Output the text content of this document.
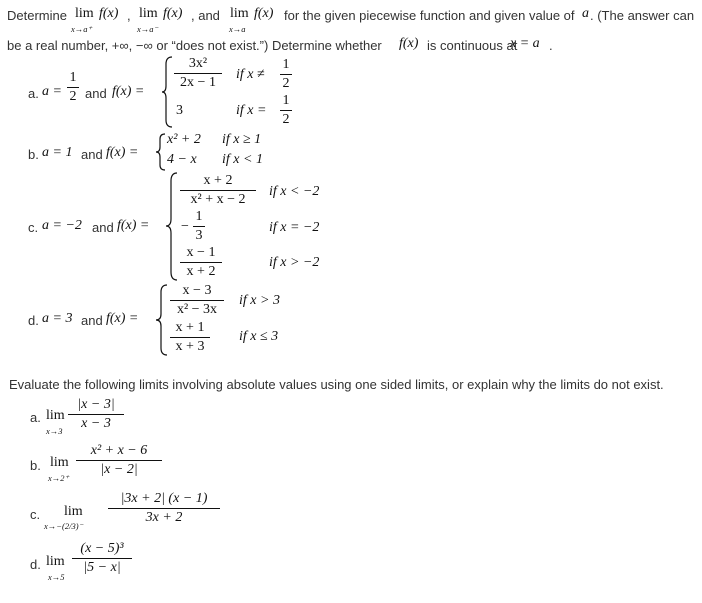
Determine lim
x→a⁺
f(x) , lim
x→a⁻
f(x) , and lim
x→a
f(x) for the given piecewise function and given value of a . (The answer can
be a real number, +∞, −∞ or “does not exist.”) Determine whether f(x) is continuous at
x = a .
a. a =
1
2 and f(x) =
3x²
2x − 1
if x ≠
1
2
3	if x =
1
2
b. a = 1 and f(x) =
x² + 2 if x ≥ 1
4 − x if x < 1
c. a = −2 and f(x) =
x + 2
x² + x − 2
if x < −2
−
1
3
if x = −2
x − 1
x + 2
if x > −2
d. a = 3 and f(x) =
x − 3
x² − 3x
if x > 3
x + 1
x + 3
if x ≤ 3
Evaluate the following limits involving absolute values using one sided limits, or explain why the limits do not exist.
a. lim
x→3
|x − 3|
x − 3
b. lim
x→2⁺
x² + x − 6
|x − 2|
c. lim
x→−(2/3)⁻
|3x + 2| (x − 1)
3x + 2
d. lim
x→5
(x − 5)³
|5 − x|
